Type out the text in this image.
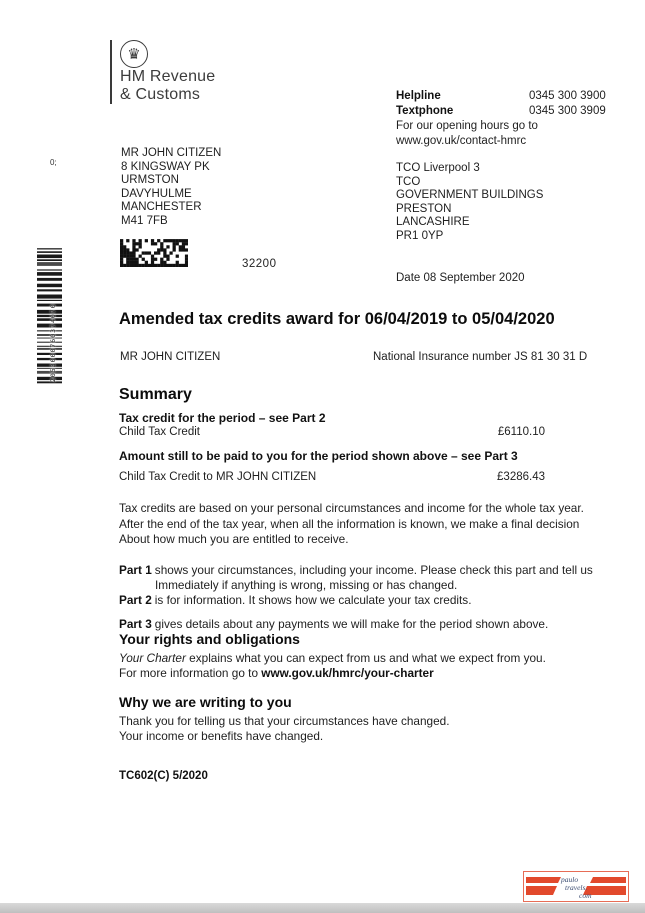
♛
HM Revenue
& Customs	Helpline	0345 300 3900
Textphone	0345 300 3909
For our opening hours go to
www.gov.uk/contact-hmrc
0;
MR JOHN CITIZEN
8 KINGSWAY PK
URMSTON
DAVYHULME
MANCHESTER
M41 7FB
TCO Liverpool 3
TCO
GOVERNMENT BUILDINGS
PRESTON
LANCASHIRE
PR1 0YP
32200
2053000760374070
Date 08 September 2020
Amended tax credits award for 06/04/2019 to 05/04/2020
MR JOHN CITIZEN	National Insurance number JS 81 30 31 D
Summary
Tax credit for the period – see Part 2
Child Tax Credit	£6110.10
Amount still to be paid to you for the period shown above – see Part 3
Child Tax Credit to MR JOHN CITIZEN	£3286.43
Tax credits are based on your personal circumstances and income for the whole tax year.
After the end of the tax year, when all the information is known, we make a final decision
About how much you are entitled to receive.
Part 1 shows your circumstances, including your income. Please check this part and tell us
Immediately if anything is wrong, missing or has changed.
Part 2 is for information. It shows how we calculate your tax credits.
Part 3 gives details about any payments we will make for the period shown above.
Your rights and obligations
Your Charter explains what you can expect from us and what we expect from you.
For more information go to www.gov.uk/hmrc/your-charter
Why we are writing to you
Thank you for telling us that your circumstances have changed.
Your income or benefits have changed.
TC602(C) 5/2020
paulo
travels.
com
